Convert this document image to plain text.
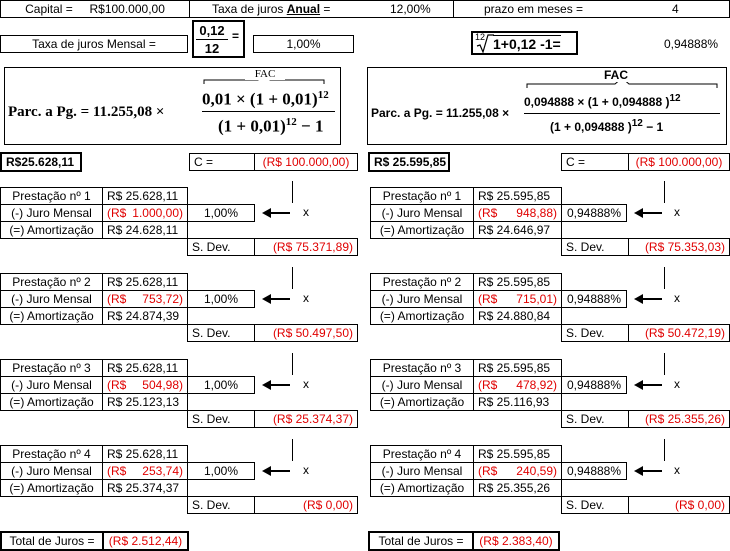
Capital = R$100.000,00	Taxa de juros Anual =	12,00%	prazo em meses =	4
Taxa de juros Mensal =
0,12
12
=
1,00%	12 1+0,12 -1=	0,94888%
Parc. a Pg. = 11.255,08 ×
FAC
$0,01 \times (1 + 0,01)^{12}$
$(1 + 0,01)^{12} - 1$
Parc. a Pg. = 11.255,08 ×
FAC
0,094888 × (1 + 0,094888 )$^{12}$
(1 + 0,094888 )$^{12}$ − 1
R$25.628,11	C =	(R$ 100.000,00)	R$ 25.595,85	C =	(R$ 100.000,00)
Prestação nº 1	R$ 25.628,11
(-) Juro Mensal	(R$ 1.000,00)	1,00%
(=) Amortização	R$ 24.628,11
S. Dev.	(R$ 75.371,89)
x
Prestação nº 2	R$ 25.628,11
(-) Juro Mensal	(R$ 753,72)	1,00%
(=) Amortização	R$ 24.874,39
S. Dev.	(R$ 50.497,50)
x
Prestação nº 3	R$ 25.628,11
(-) Juro Mensal	(R$ 504,98)	1,00%
(=) Amortização	R$ 25.123,13
S. Dev.	(R$ 25.374,37)
x
Prestação nº 4	R$ 25.628,11
(-) Juro Mensal	(R$ 253,74)	1,00%
(=) Amortização	R$ 25.374,37
S. Dev.	(R$ 0,00)
x
Prestação nº 1	R$ 25.595,85
(-) Juro Mensal	(R$ 948,88) 0,94888%
(=) Amortização	R$ 24.646,97
S. Dev.	(R$ 75.353,03)
x
Prestação nº 2	R$ 25.595,85
(-) Juro Mensal	(R$ 715,01) 0,94888%
(=) Amortização	R$ 24.880,84
S. Dev.	(R$ 50.472,19)
x
Prestação nº 3	R$ 25.595,85
(-) Juro Mensal	(R$ 478,92) 0,94888%
(=) Amortização	R$ 25.116,93
S. Dev.	(R$ 25.355,26)
x
Prestação nº 4	R$ 25.595,85
(-) Juro Mensal	(R$ 240,59) 0,94888%
(=) Amortização	R$ 25.355,26
S. Dev.	(R$ 0,00)
x
Total de Juros =	(R$ 2.512,44)	Total de Juros =	(R$ 2.383,40)
